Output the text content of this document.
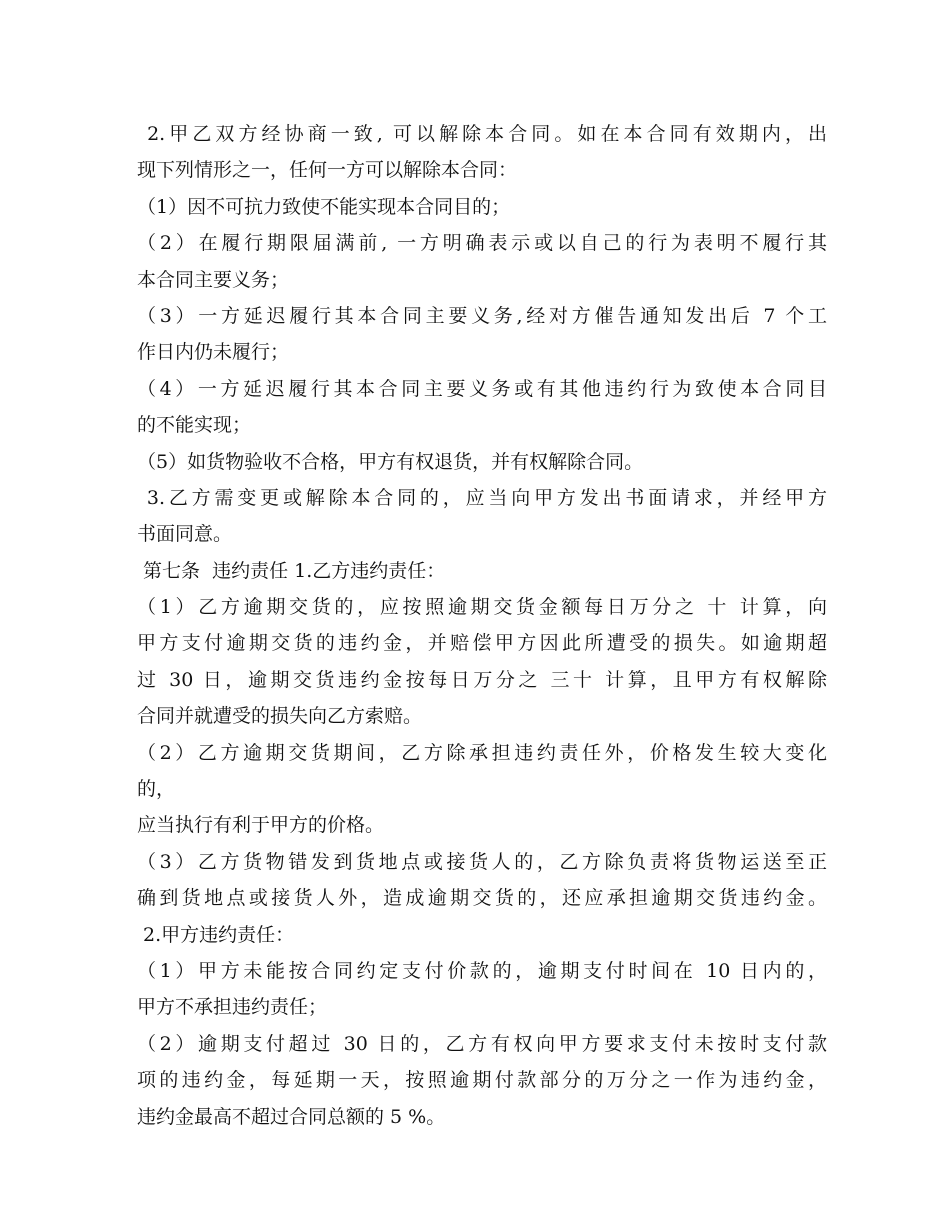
2.甲乙双方经协商一致, 可以解除本合同。如在本合同有效期内，出
现下列情形之一，任何一方可以解除本合同：
（1）因不可抗力致使不能实现本合同目的；
（2）在履行期限届满前, 一方明确表示或以自己的行为表明不履行其
本合同主要义务；
（3）一方延迟履行其本合同主要义务,经对方催告通知发出后 7 个工
作日内仍未履行；
（4）一方延迟履行其本合同主要义务或有其他违约行为致使本合同目
的不能实现；
（5）如货物验收不合格，甲方有权退货，并有权解除合同。
3.乙方需变更或解除本合同的，应当向甲方发出书面请求，并经甲方
书面同意。
第七条  违约责任 1.乙方违约责任：
（1）乙方逾期交货的，应按照逾期交货金额每日万分之 十 计算，向
甲方支付逾期交货的违约金，并赔偿甲方因此所遭受的损失。如逾期超
过 30 日，逾期交货违约金按每日万分之 三十 计算，且甲方有权解除
合同并就遭受的损失向乙方索赔。
（2）乙方逾期交货期间，乙方除承担违约责任外，价格发生较大变化
的，
应当执行有利于甲方的价格。
（3）乙方货物错发到货地点或接货人的，乙方除负责将货物运送至正
确到货地点或接货人外，造成逾期交货的，还应承担逾期交货违约金。
2.甲方违约责任：
（1）甲方未能按合同约定支付价款的，逾期支付时间在 10 日内的，
甲方不承担违约责任；
（2）逾期支付超过 30 日的，乙方有权向甲方要求支付未按时支付款
项的违约金，每延期一天，按照逾期付款部分的万分之一作为违约金，
违约金最高不超过合同总额的 5 %。
